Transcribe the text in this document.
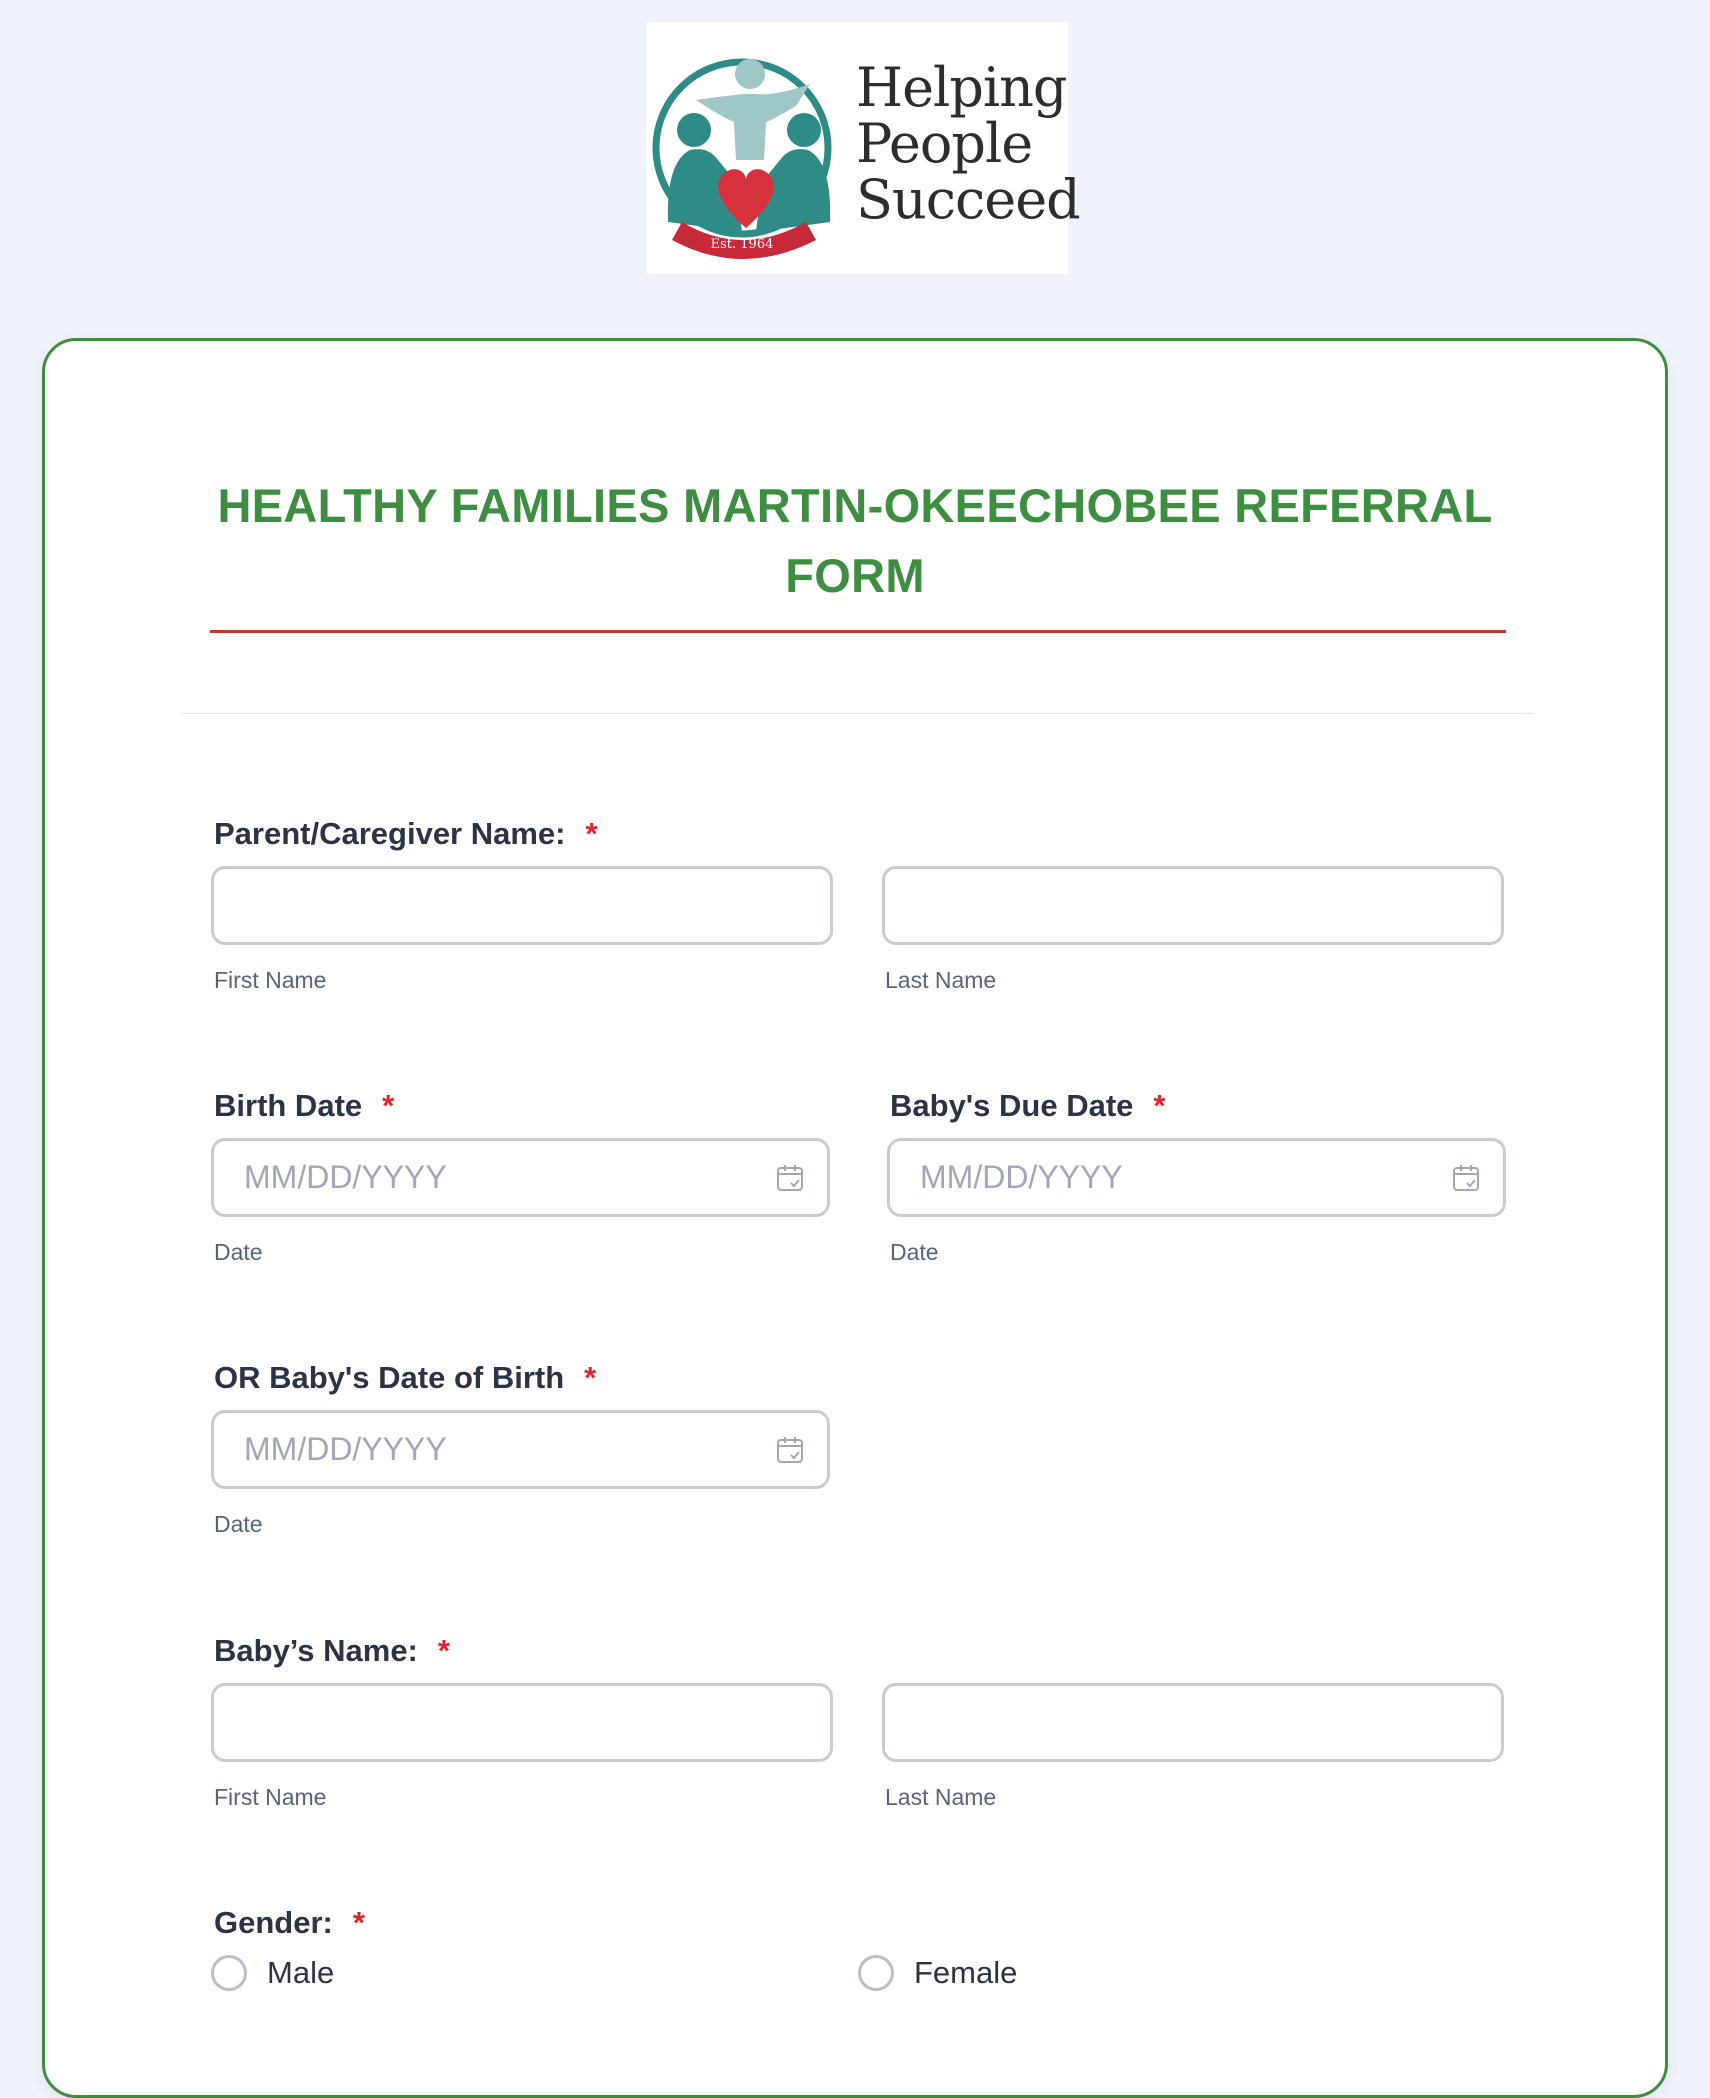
Est. 1964
Helping
People
Succeed
HEALTHY FAMILIES MARTIN-OKEECHOBEE REFERRAL FORM
Parent/Caregiver Name: *
First Name	Last Name
Birth Date *
MM/DD/YYYY
Date
Baby's Due Date *
MM/DD/YYYY
Date
OR Baby's Date of Birth *
MM/DD/YYYY
Date
Baby’s Name: *
First Name	Last Name
Gender: *
Male	Female
